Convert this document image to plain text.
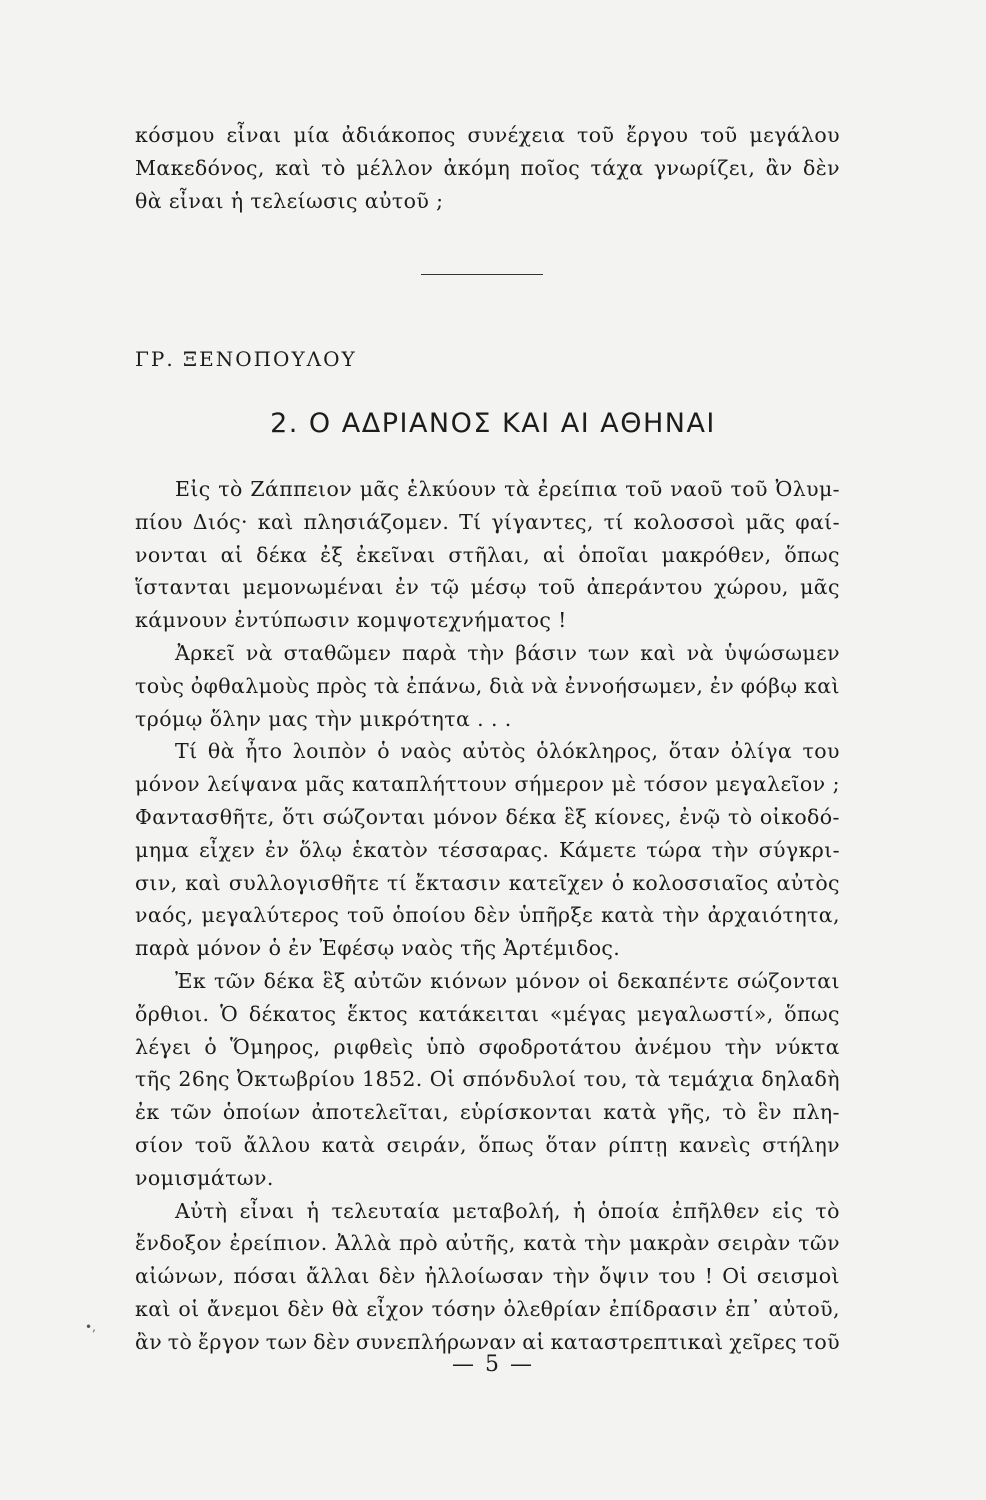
κόσμου εἶναι μία ἀδιάκοπος συνέχεια τοῦ ἔργου τοῦ μεγάλου
Μακεδόνος, καὶ τὸ μέλλον ἀκόμη ποῖος τάχα γνωρίζει, ἂν δὲν
θὰ εἶναι ἡ τελείωσις αὐτοῦ ;
ΓΡ. ΞΕΝΟΠΟΥΛΟΥ
2. Ο ΑΔΡΙΑΝΟΣ ΚΑΙ ΑΙ ΑΘΗΝΑΙ
Εἰς τὸ Ζάππειον μᾶς ἑλκύουν τὰ ἐρείπια τοῦ ναοῦ τοῦ Ὀλυμ-
πίου Διός· καὶ πλησιάζομεν. Τί γίγαντες, τί κολοσσοὶ μᾶς φαί-
νονται αἱ δέκα ἐξ ἐκεῖναι στῆλαι, αἱ ὁποῖαι μακρόθεν, ὅπως
ἵστανται μεμονωμέναι ἐν τῷ μέσῳ τοῦ ἀπεράντου χώρου, μᾶς
κάμνουν ἐντύπωσιν κομψοτεχνήματος !
Ἀρκεῖ νὰ σταθῶμεν παρὰ τὴν βάσιν των καὶ νὰ ὑψώσωμεν
τοὺς ὀφθαλμοὺς πρὸς τὰ ἐπάνω, διὰ νὰ ἐννοήσωμεν, ἐν φόβῳ καὶ
τρόμῳ ὅλην μας τὴν μικρότητα . . .
Τί θὰ ἦτο λοιπὸν ὁ ναὸς αὐτὸς ὁλόκληρος, ὅταν ὀλίγα του
μόνον λείψανα μᾶς καταπλήττουν σήμερον μὲ τόσον μεγαλεῖον ;
Φαντασθῆτε, ὅτι σώζονται μόνον δέκα ἓξ κίονες, ἐνῷ τὸ οἰκοδό-
μημα εἶχεν ἐν ὅλῳ ἑκατὸν τέσσαρας. Κάμετε τώρα τὴν σύγκρι-
σιν, καὶ συλλογισθῆτε τί ἔκτασιν κατεῖχεν ὁ κολοσσιαῖος αὐτὸς
ναός, μεγαλύτερος τοῦ ὁποίου δὲν ὑπῆρξε κατὰ τὴν ἀρχαιότητα,
παρὰ μόνον ὁ ἐν Ἐφέσῳ ναὸς τῆς Ἀρτέμιδος.
Ἐκ τῶν δέκα ἓξ αὐτῶν κιόνων μόνον οἱ δεκαπέντε σώζονται
ὄρθιοι. Ὁ δέκατος ἕκτος κατάκειται «μέγας μεγαλωστί», ὅπως
λέγει ὁ Ὅμηρος, ριφθεὶς ὑπὸ σφοδροτάτου ἀνέμου τὴν νύκτα
τῆς 26ης Ὀκτωβρίου 1852. Οἱ σπόνδυλοί του, τὰ τεμάχια δηλαδὴ
ἐκ τῶν ὁποίων ἀποτελεῖται, εὑρίσκονται κατὰ γῆς, τὸ ἓν πλη-
σίον τοῦ ἄλλου κατὰ σειράν, ὅπως ὅταν ρίπτῃ κανεὶς στήλην
νομισμάτων.
Αὐτὴ εἶναι ἡ τελευταία μεταβολή, ἡ ὁποία ἐπῆλθεν εἰς τὸ
ἔνδοξον ἐρείπιον. Ἀλλὰ πρὸ αὐτῆς, κατὰ τὴν μακρὰν σειρὰν τῶν
αἰώνων, πόσαι ἄλλαι δὲν ἠλλοίωσαν τὴν ὄψιν του ! Οἱ σεισμοὶ
καὶ οἱ ἄνεμοι δὲν θὰ εἶχον τόσην ὀλεθρίαν ἐπίδρασιν ἐπ᾽ αὐτοῦ,
ἂν τὸ ἔργον των δὲν συνεπλήρωναν αἱ καταστρεπτικαὶ χεῖρες τοῦ
•,
— 5 —
